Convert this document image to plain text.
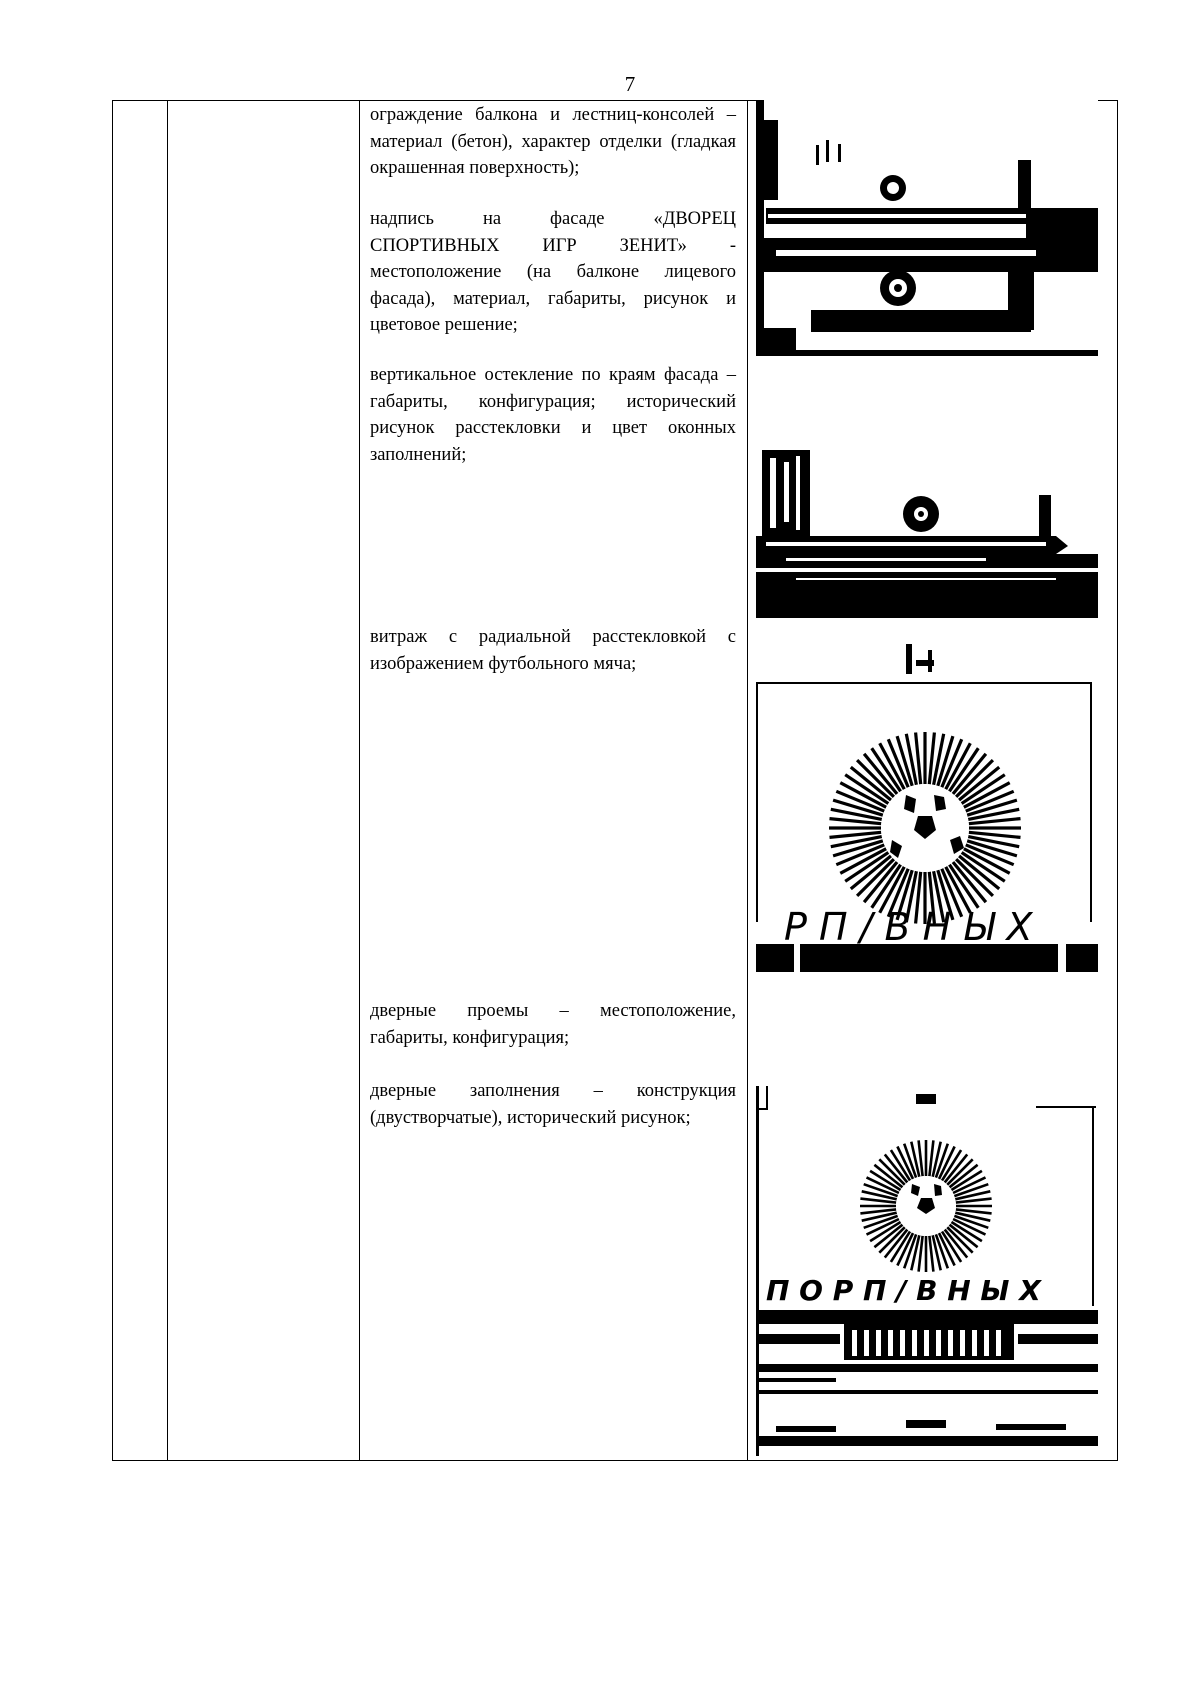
7
ограждение балкона и лестниц-консолей – материал (бетон), характер отделки (гладкая окрашенная поверхность);
надпись на фасаде «ДВОРЕЦ СПОРТИВНЫХ ИГР ЗЕНИТ» - местоположение (на балконе лицевого фасада), материал, габариты, рисунок и цветовое решение;
вертикальное остекление по краям фасада – габариты, конфигурация; исторический рисунок расстекловки и цвет оконных заполнений;
витраж с радиальной расстекловкой с изображением футбольного мяча;
дверные проемы – местоположение, габариты, конфигурация;
дверные заполнения – конструкция (двустворчатые), исторический рисунок;
Р П / В Н Ы Х
П О Р П / В Н Ы Х
